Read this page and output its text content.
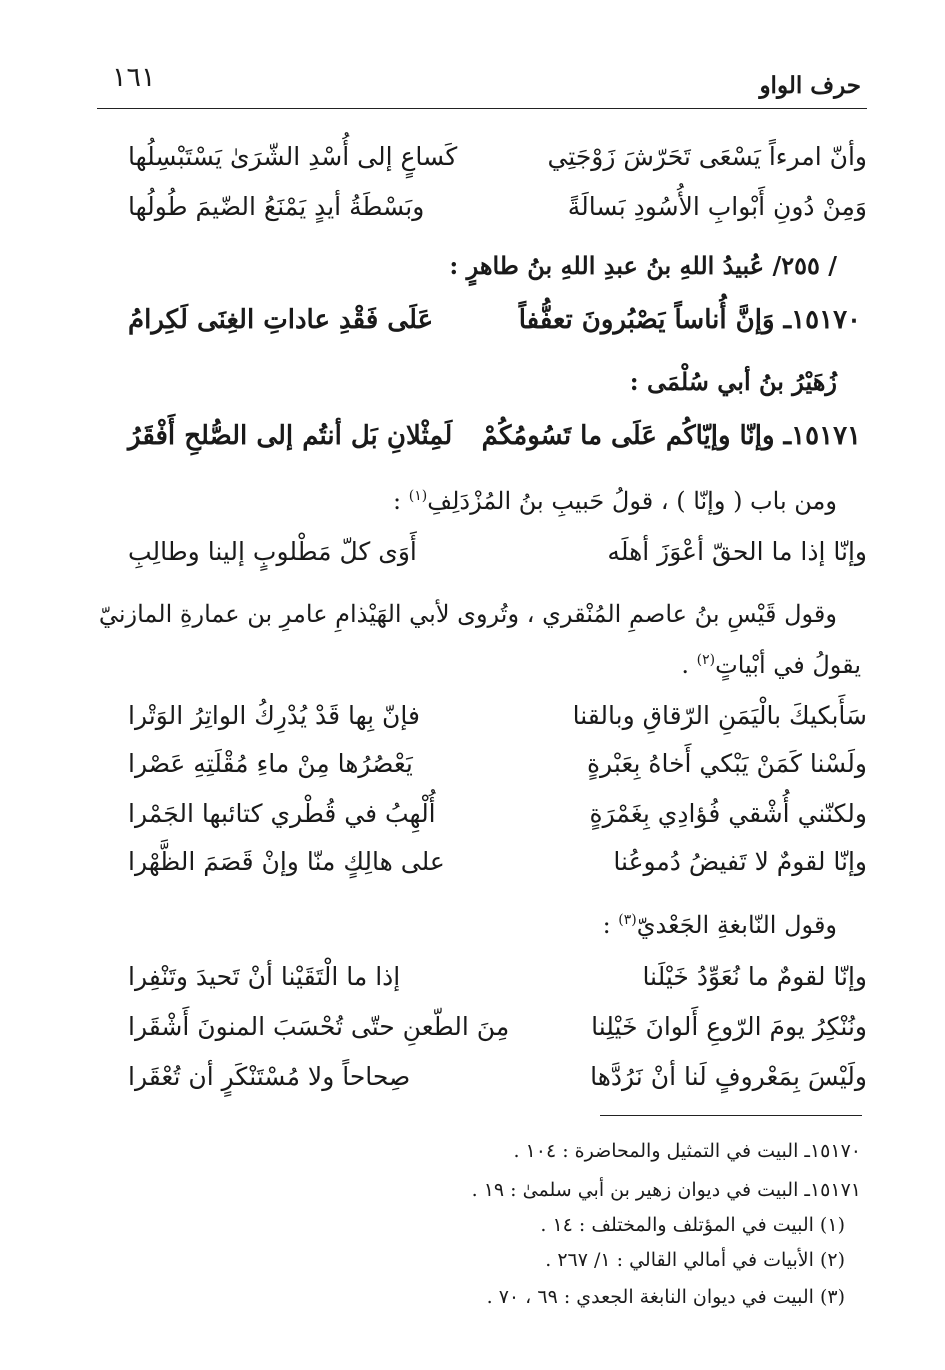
حرف الواو
١٦١
وأنّ امرءاً يَسْعَى تَحَرّشَ زَوْجَتِي
كَساعٍ إلى أُسْدِ الشّرَىٰ يَسْتَبْسِلُها
وَمِنْ دُونِ أَبْوابِ الأُسُودِ بَسالَةً
وبَسْطَةُ أيدٍ يَمْنَعُ الضّيمَ طُولُها
/ ٢٥٥/ عُبيدُ اللهِ بنُ عبدِ اللهِ بنُ طاهرٍ :
١٥١٧٠ـ وَإنَّ أُناساً يَصْبُرونَ تعفُّفاً
عَلَى فَقْدِ عاداتِ الغِنَى لَكِرامُ
زُهَيْرُ بنُ أبي سُلْمَى :
١٥١٧١ـ وإنّا وإيّاكُم عَلَى ما تَسُومُكُمْ
لَمِثْلانِ بَل أنتُم إلى الصُّلحِ أَفْقَرُ
ومن باب ( وإنّا ) ، قولُ حَبيبِ بنُ المُزْدَلِفِ$^{(١)}$ :
وإنّا إذا ما الحقّ أعْوَزَ أهلَه
أَوَى كلّ مَطْلوبٍ إلينا وطالِبِ
وقول قَيْسِ بنُ عاصمِ المُنْقري ، وتُروى لأبي الهَيْذامِ عامرِ بن عمارةِ المازنيّ
يقولُ في أبْياتٍ$^{(٢)}$ .
سَأَبكيكَ بالْيَمَنِ الرّقاقِ وبالقنا
فإنّ بِها قَدْ يُدْرِكُ الواتِرُ الوَتْرا
ولَسْنا كَمَنْ يَبْكي أَخاهُ بِعَبْرةٍ
يَعْصُرُها مِنْ ماءِ مُقْلَتِهِ عَصْرا
ولكنّني أُشْقي فُؤادِي بِغَمْرَةٍ
أُلْهِبُ في قُطْري كتائبها الجَمْرا
وإنّا لقومٌ لا تَفيضُ دُموعُنا
على هالِكٍ منّا وإنْ قَصَمَ الظَّهْرا
وقول النّابغةِ الجَعْديّ$^{(٣)}$ :
وإنّا لقومٌ ما نُعَوِّدُ خَيْلَنا
إذا ما الْتَقَيْنا أنْ تَحيدَ وتَنْفِرا
ونُنْكِرُ يومَ الرّوعِ أَلوانَ خَيْلِنا
مِنَ الطّعنِ حتّى تُحْسَبَ المنونَ أَشْقَرا
ولَيْسَ بِمَعْروفٍ لَنا أنْ نَرُدَّها
صِحاحاً ولا مُسْتَنْكَرٍ أن تُعْقَرا
١٥١٧٠ـ البيت في التمثيل والمحاضرة : ١٠٤ .
١٥١٧١ـ البيت في ديوان زهير بن أبي سلمىٰ : ١٩ .
(١) البيت في المؤتلف والمختلف : ١٤ .
(٢) الأبيات في أمالي القالي : ١/ ٢٦٧ .
(٣) البيت في ديوان النابغة الجعدي : ٦٩ ، ٧٠ .
